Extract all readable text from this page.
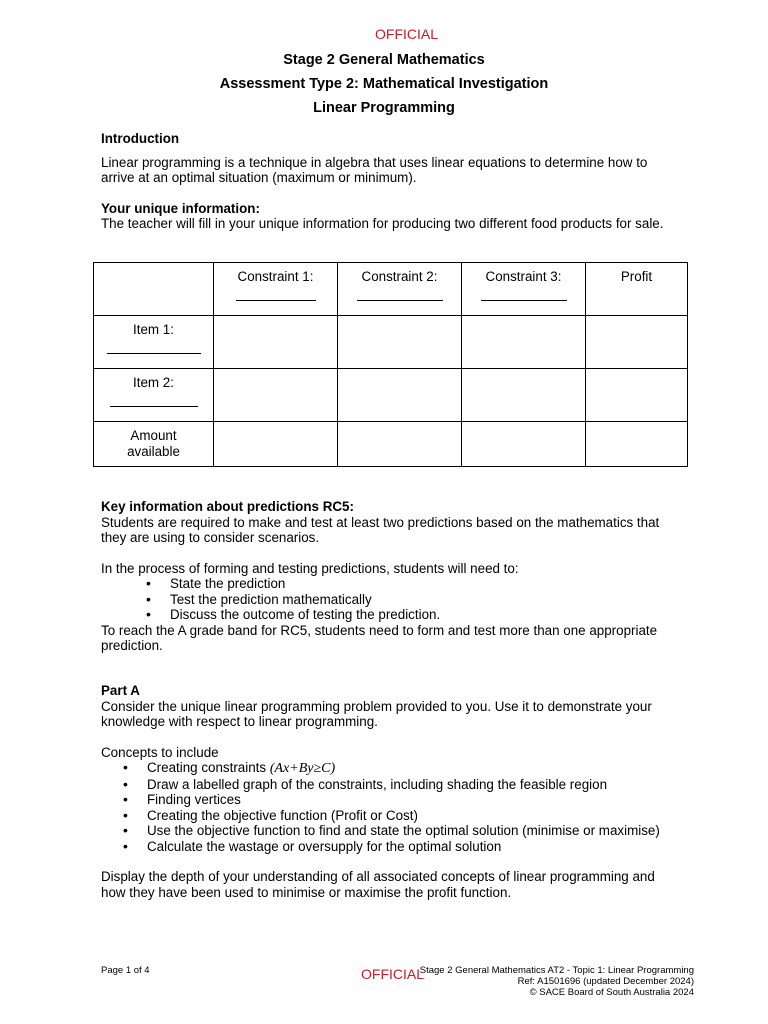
OFFICIAL
Stage 2 General Mathematics
Assessment Type 2: Mathematical Investigation
Linear Programming

Introduction

Linear programming is a technique in algebra that uses linear equations to determine how to arrive at an optimal situation (maximum or minimum).

Your unique information:

The teacher will fill in your unique information for producing two different food products for sale.

	Constraint 1:	Constraint 2:	Constraint 3:	Profit

Item 1:				

Item 2:				

Amount available				

Key information about predictions RC5:

Students are required to make and test at least two predictions based on the mathematics that they are using to consider scenarios.

In the process of forming and testing predictions, students will need to:

• State the prediction
• Test the prediction mathematically
• Discuss the outcome of testing the prediction.

To reach the A grade band for RC5, students need to form and test more than one appropriate prediction.

Part A

Consider the unique linear programming problem provided to you. Use it to demonstrate your knowledge with respect to linear programming.

Concepts to include

• Creating constraints (Ax+By≥C)
• Draw a labelled graph of the constraints, including shading the feasible region
• Finding vertices
• Creating the objective function (Profit or Cost)
• Use the objective function to find and state the optimal solution (minimise or maximise)
• Calculate the wastage or oversupply for the optimal solution

Display the depth of your understanding of all associated concepts of linear programming and how they have been used to minimise or maximise the profit function.

Page 1 of 4	OFFICIAL
Stage 2 General Mathematics AT2 - Topic 1: Linear Programming
Ref: A1501696 (updated December 2024)
© SACE Board of South Australia 2024
